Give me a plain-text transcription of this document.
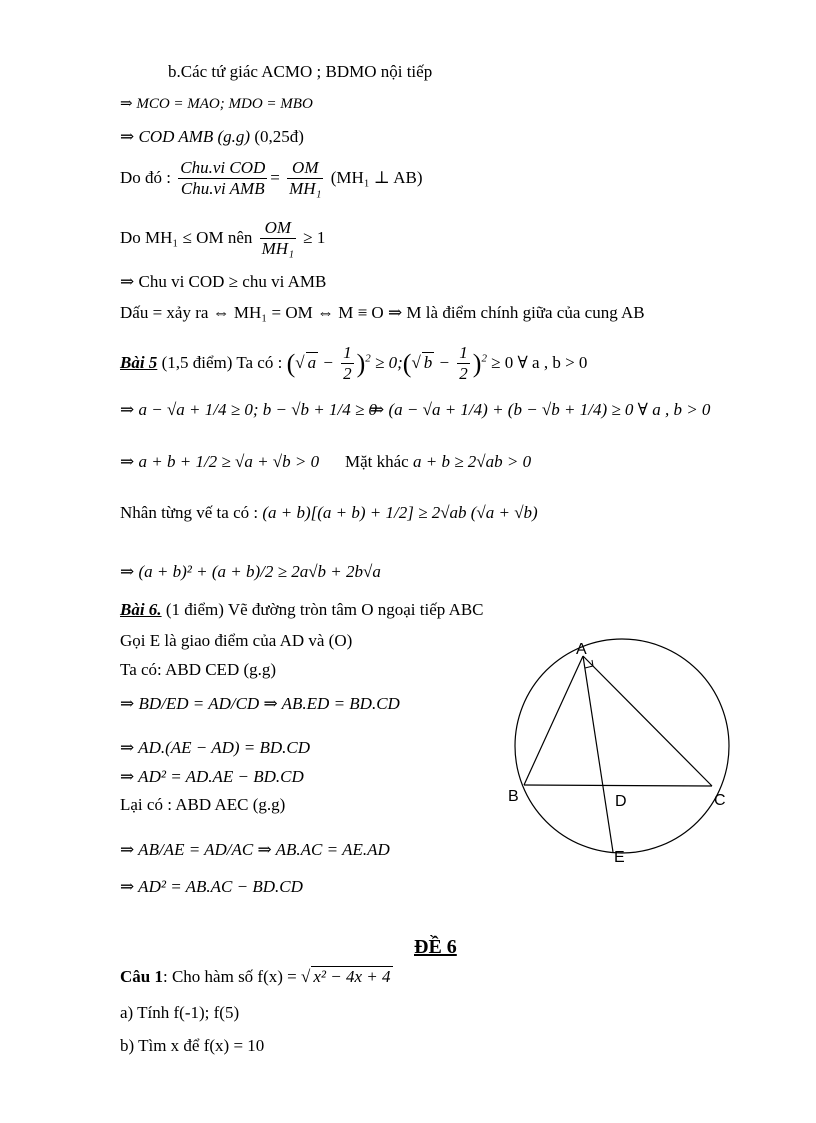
b.Các tứ giác ACMO ; BDMO nội tiếp
⇒ MCO = MAO; MDO = MBO
⇒ COD AMB (g.g) (0,25đ)
Do đó : $\frac{\text{Chu.vi COD}}{\text{Chu.vi AMB}} = \frac{OM}{\text{MH₁}} (MH_1$ ⊥ AB)
Do MH₁ ≤ OM nên $\frac{OM}{\text{MH₁}} \ge 1$
⇒ Chu vi COD ≥ chu vi AMB
Dấu = xảy ra ⇔ MH₁ = OM ⇔ M ≡ O ⇒ M là điểm chính giữa của cung AB
Bài 5 (1,5 điểm) Ta có : (√ $a - \frac{1}{2} )^2$ ≥ 0;(√ $b - \frac{1}{2} )^2 \ge 0$ ∀ a , b > 0
⇒ a − √a + 1/4 ≥ 0; b − √b + 1/4 ≥ 0
⇒ (a − √a + 1/4) + (b − √b + 1/4) ≥ 0 ∀ a , b > 0
⇒ a + b + 1/2 ≥ √a + √b > 0 Mặt khác a + b ≥ 2√ab > 0
Nhân từng vế ta có : (a + b)[(a + b) + 1/2] ≥ 2√ab (√a + √b)
⇒ (a + b)² + (a + b)/2 ≥ 2a√b + 2b√a
Bài 6. (1 điểm) Vẽ đường tròn tâm O ngoại tiếp ABC
Gọi E là giao điểm của AD và (O)
Ta có: ABD CED (g.g)
⇒ BD/ED = AD/CD ⇒ AB.ED = BD.CD
⇒ AD.(AE − AD) = BD.CD
⇒ AD² = AD.AE − BD.CD
Lại có : ABD AEC (g.g)
⇒ AB/AE = AD/AC ⇒ AB.AC = AE.AD
⇒ AD² = AB.AC − BD.CD
A
B	C
D
E
ĐỀ 6
Câu 1: Cho hàm số f(x) = √ x² − 4x + 4
a) Tính f(-1); f(5)
b) Tìm x để f(x) = 10
